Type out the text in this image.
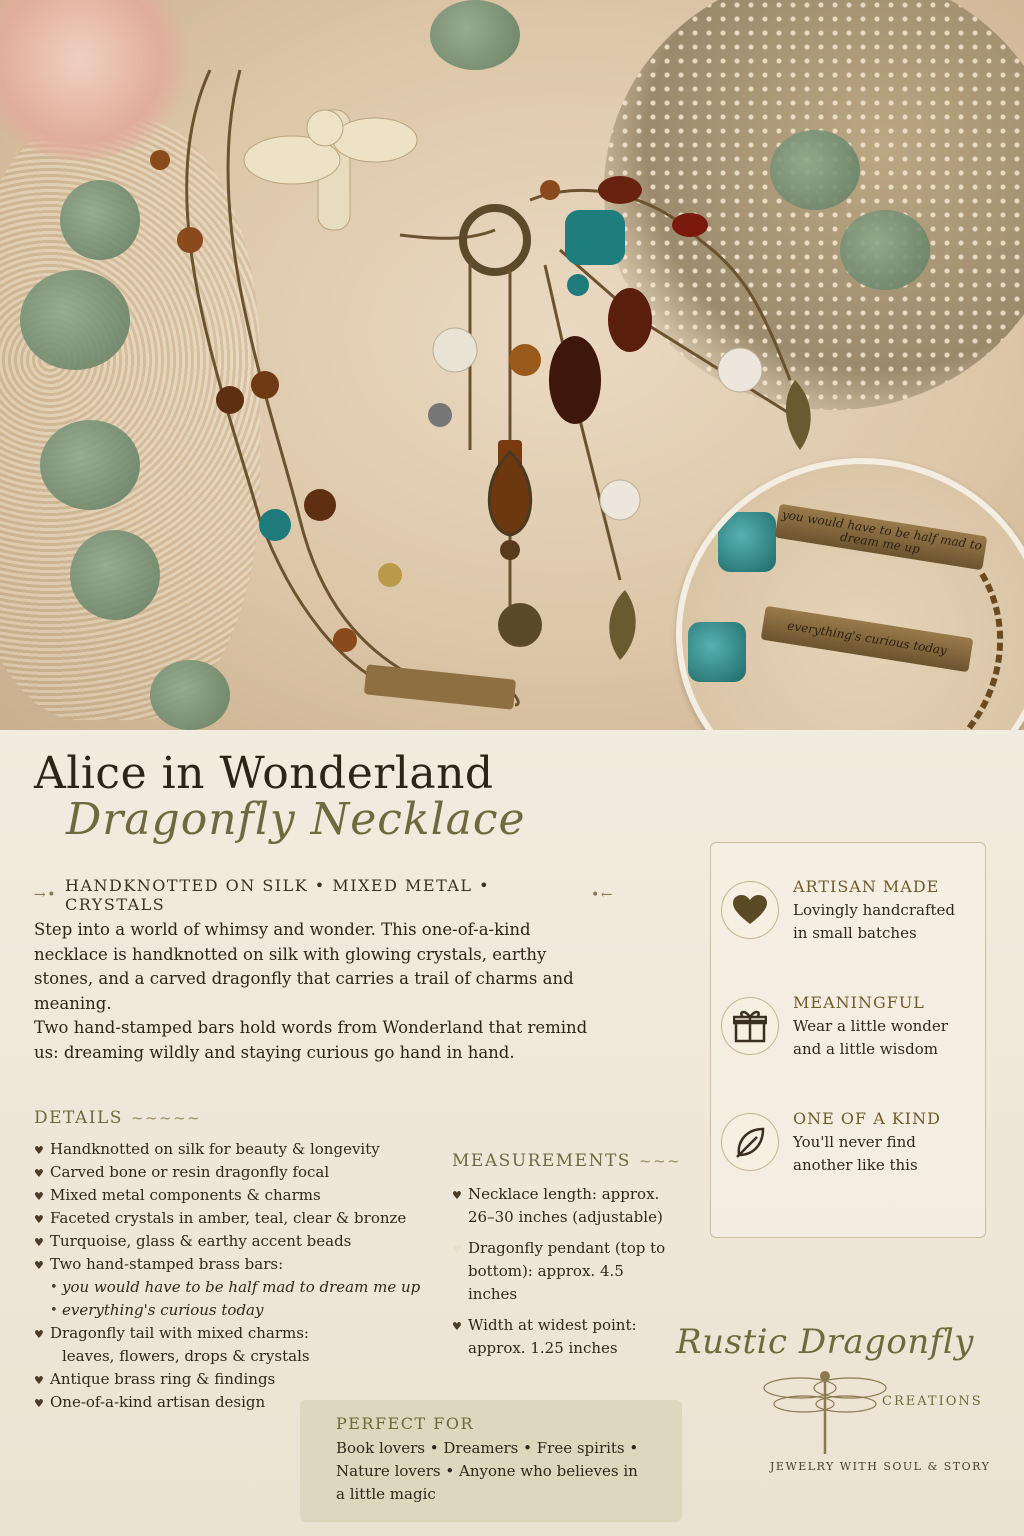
you would have to be half mad to dream me up
everything's curious today
Alice in Wonderland
Dragonfly Necklace
→• HANDKNOTTED ON SILK • MIXED METAL • CRYSTALS	•←

Step into a world of whimsy and wonder. This one-of-a-kind necklace is handknotted on silk with glowing crystals, earthy stones, and a carved dragonfly that carries a trail of charms and meaning.

Two hand-stamped bars hold words from Wonderland that remind us: dreaming wildly and staying curious go hand in hand.

DETAILS ~~~~~
♥ Handknotted on silk for beauty & longevity
♥ Carved bone or resin dragonfly focal
♥ Mixed metal components & charms
♥ Faceted crystals in amber, teal, clear & bronze
♥ Turquoise, glass & earthy accent beads
♥ Two hand-stamped brass bars:
• you would have to be half mad to dream me up
• everything's curious today
♥ Dragonfly tail with mixed charms:
leaves, flowers, drops & crystals
♥ Antique brass ring & findings
♥ One-of-a-kind artisan design
MEASUREMENTS ~~~
♥ Necklace length: approx. 26–30 inches (adjustable)
♥ Dragonfly pendant (top to bottom): approx. 4.5 inches
♥ Width at widest point: approx. 1.25 inches
PERFECT FOR

Book lovers • Dreamers • Free spirits • Nature lovers • Anyone who believes in a little magic

ARTISAN MADE

Lovingly handcrafted in small batches

MEANINGFUL

Wear a little wonder and a little wisdom

ONE OF A KIND

You'll never find another like this

Rustic Dragonfly
CREATIONS
JEWELRY WITH SOUL & STORY
